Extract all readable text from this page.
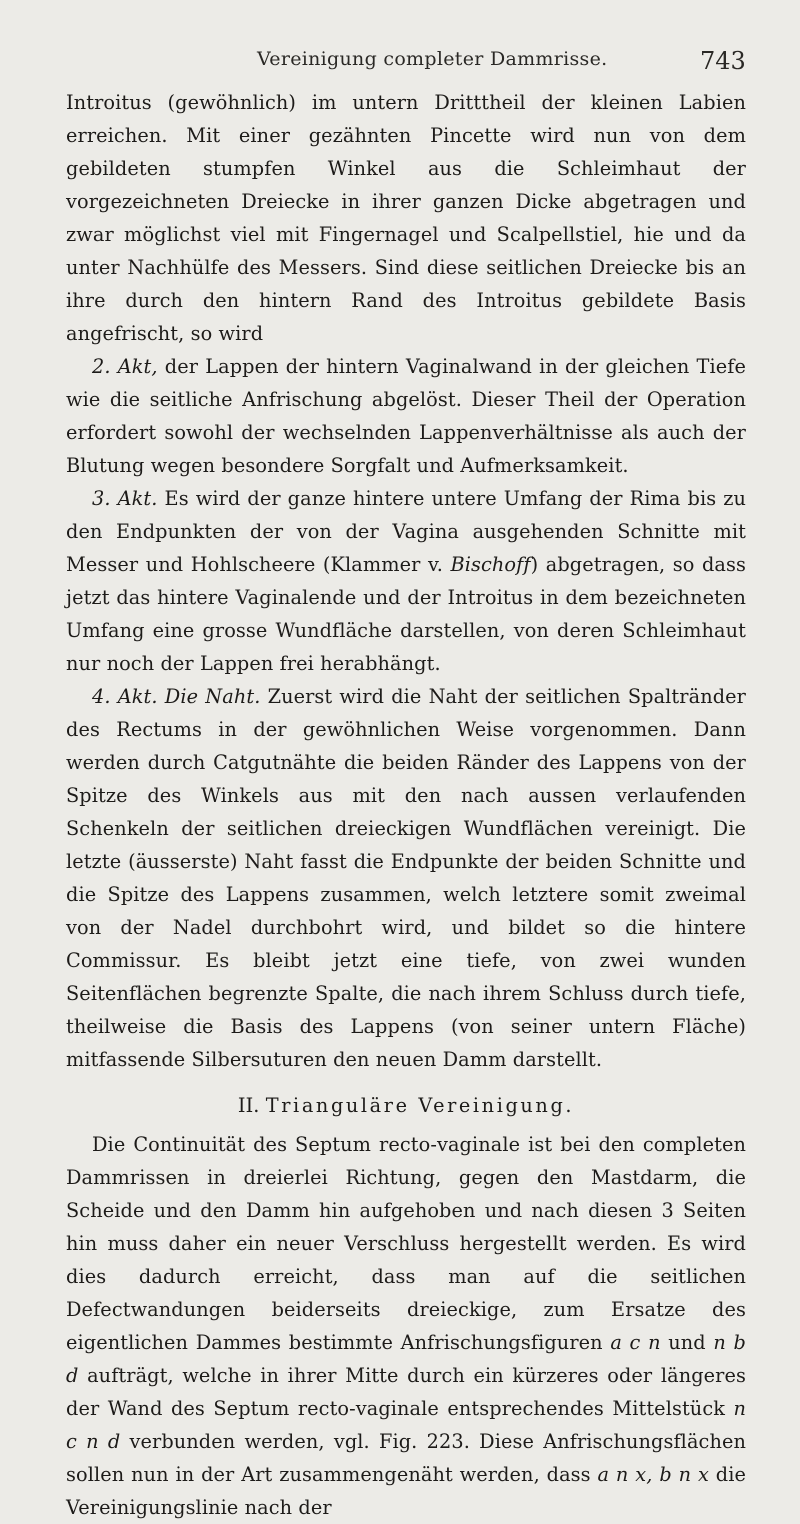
Vereinigung completer Dammrisse.	743

Introitus (gewöhnlich) im untern Dritttheil der kleinen Labien erreichen. Mit einer gezähnten Pincette wird nun von dem gebildeten stumpfen Winkel aus die Schleimhaut der vorgezeichneten Dreiecke in ihrer ganzen Dicke abgetragen und zwar möglichst viel mit Fingernagel und Scalpellstiel, hie und da unter Nachhülfe des Messers. Sind diese seitlichen Dreiecke bis an ihre durch den hintern Rand des Introitus gebildete Basis angefrischt, so wird

2. Akt, der Lappen der hintern Vaginalwand in der gleichen Tiefe wie die seitliche Anfrischung abgelöst. Dieser Theil der Operation erfordert sowohl der wechselnden Lappenverhältnisse als auch der Blutung wegen besondere Sorgfalt und Aufmerksamkeit.

3. Akt. Es wird der ganze hintere untere Umfang der Rima bis zu den Endpunkten der von der Vagina ausgehenden Schnitte mit Messer und Hohlscheere (Klammer v. Bischoff) abgetragen, so dass jetzt das hintere Vaginalende und der Introitus in dem bezeichneten Umfang eine grosse Wundfläche darstellen, von deren Schleimhaut nur noch der Lappen frei herabhängt.

4. Akt. Die Naht. Zuerst wird die Naht der seitlichen Spaltränder des Rectums in der gewöhnlichen Weise vorgenommen. Dann werden durch Catgutnähte die beiden Ränder des Lappens von der Spitze des Winkels aus mit den nach aussen verlaufenden Schenkeln der seitlichen dreieckigen Wundflächen vereinigt. Die letzte (äusserste) Naht fasst die Endpunkte der beiden Schnitte und die Spitze des Lappens zusammen, welch letztere somit zweimal von der Nadel durchbohrt wird, und bildet so die hintere Commissur. Es bleibt jetzt eine tiefe, von zwei wunden Seitenflächen begrenzte Spalte, die nach ihrem Schluss durch tiefe, theilweise die Basis des Lappens (von seiner untern Fläche) mitfassende Silbersuturen den neuen Damm darstellt.

II. Trianguläre Vereinigung.

Die Continuität des Septum recto-vaginale ist bei den completen Dammrissen in dreierlei Richtung, gegen den Mastdarm, die Scheide und den Damm hin aufgehoben und nach diesen 3 Seiten hin muss daher ein neuer Verschluss hergestellt werden. Es wird dies dadurch erreicht, dass man auf die seitlichen Defectwandungen beiderseits dreieckige, zum Ersatze des eigentlichen Dammes bestimmte Anfrischungsfiguren a c n und n b d aufträgt, welche in ihrer Mitte durch ein kürzeres oder längeres der Wand des Septum recto-vaginale entsprechendes Mittelstück n c n d verbunden werden, vgl. Fig. 223. Diese Anfrischungsflächen sollen nun in der Art zusammengenäht werden, dass a n x, b n x die Vereinigungslinie nach der
